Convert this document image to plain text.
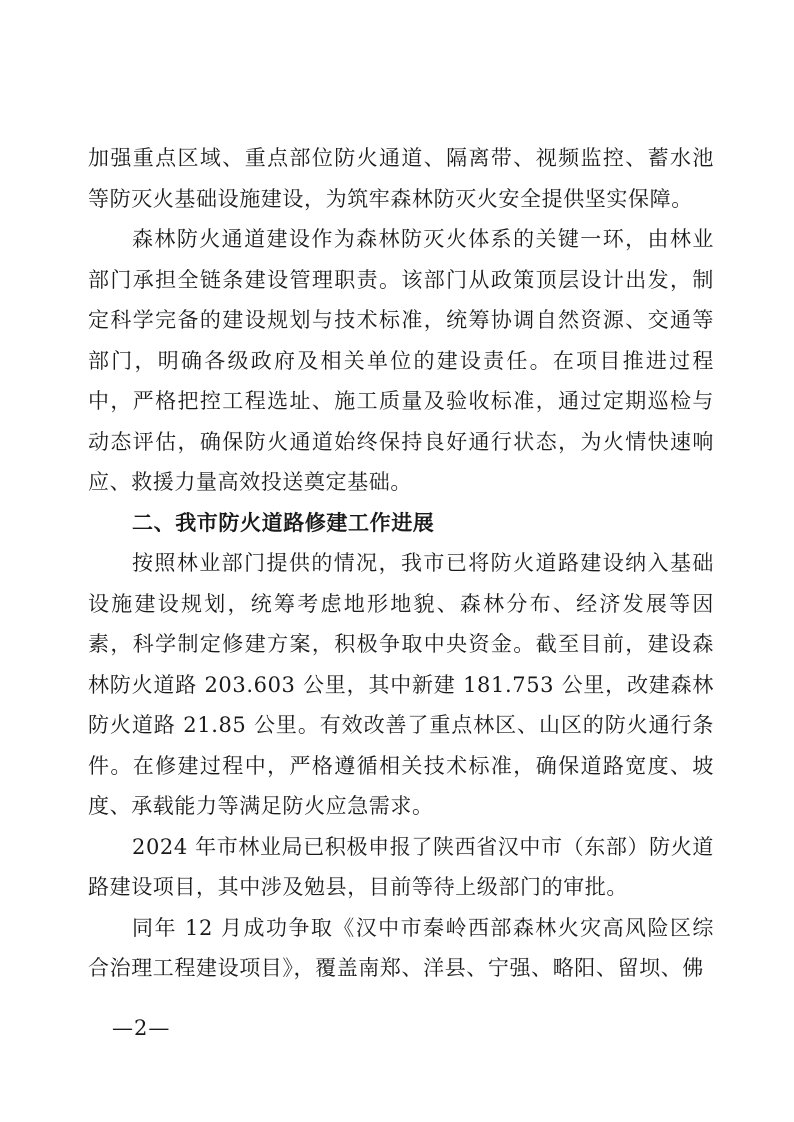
加强重点区域、重点部位防火通道、隔离带、视频监控、蓄水池等防灭火基础设施建设，为筑牢森林防灭火安全提供坚实保障。

森林防火通道建设作为森林防灭火体系的关键一环，由林业部门承担全链条建设管理职责。该部门从政策顶层设计出发，制定科学完备的建设规划与技术标准，统筹协调自然资源、交通等部门，明确各级政府及相关单位的建设责任。在项目推进过程中，严格把控工程选址、施工质量及验收标准，通过定期巡检与动态评估，确保防火通道始终保持良好通行状态，为火情快速响应、救援力量高效投送奠定基础。

二、我市防火道路修建工作进展

按照林业部门提供的情况，我市已将防火道路建设纳入基础设施建设规划，统筹考虑地形地貌、森林分布、经济发展等因素，科学制定修建方案，积极争取中央资金。截至目前，建设森林防火道路 203.603 公里，其中新建 181.753 公里，改建森林防火道路 21.85 公里。有效改善了重点林区、山区的防火通行条件。在修建过程中，严格遵循相关技术标准，确保道路宽度、坡度、承载能力等满足防火应急需求。

2024 年市林业局已积极申报了陕西省汉中市（东部）防火道路建设项目，其中涉及勉县，目前等待上级部门的审批。

同年 12 月成功争取《汉中市秦岭西部森林火灾高风险区综合治理工程建设项目》，覆盖南郑、洋县、宁强、略阳、留坝、佛

—2—
